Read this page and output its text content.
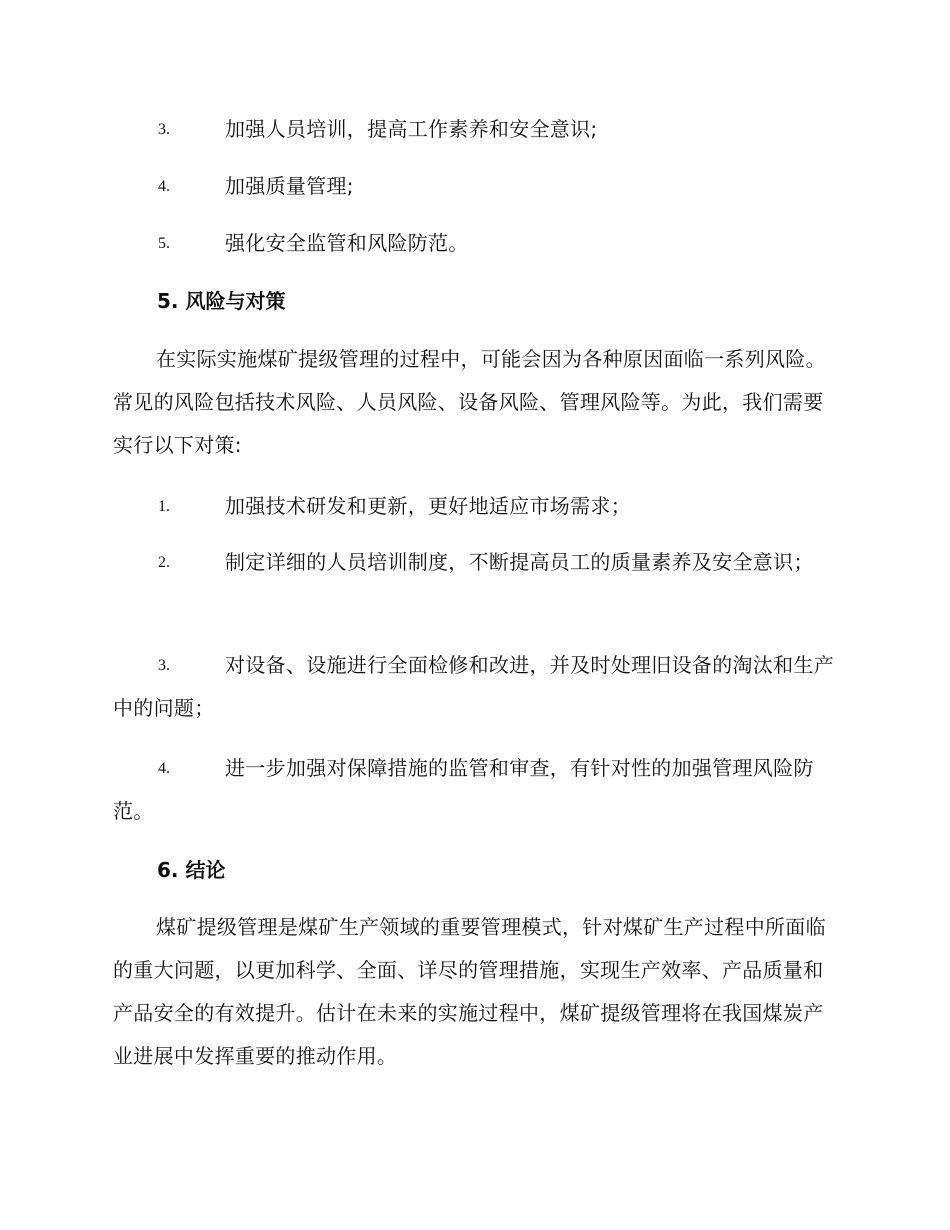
3.	加强人员培训，提高工作素养和安全意识;
4.	加强质量管理;
5.	强化安全监管和风险防范。
5. 风险与对策
在实际实施煤矿提级管理的过程中，可能会因为各种原因面临一系列风险。常见的风险包括技术风险、人员风险、设备风险、管理风险等。为此，我们需要实行以下对策:
1.	加强技术研发和更新，更好地适应市场需求；
2.	制定详细的人员培训制度，不断提高员工的质量素养及安全意识；
3.	对设备、设施进行全面检修和改进，并及时处理旧设备的淘汰和生产中的问题；
4.	进一步加强对保障措施的监管和审查，有针对性的加强管理风险防范。
6. 结论
煤矿提级管理是煤矿生产领域的重要管理模式，针对煤矿生产过程中所面临的重大问题，以更加科学、全面、详尽的管理措施，实现生产效率、产品质量和产品安全的有效提升。估计在未来的实施过程中，煤矿提级管理将在我国煤炭产业进展中发挥重要的推动作用。
